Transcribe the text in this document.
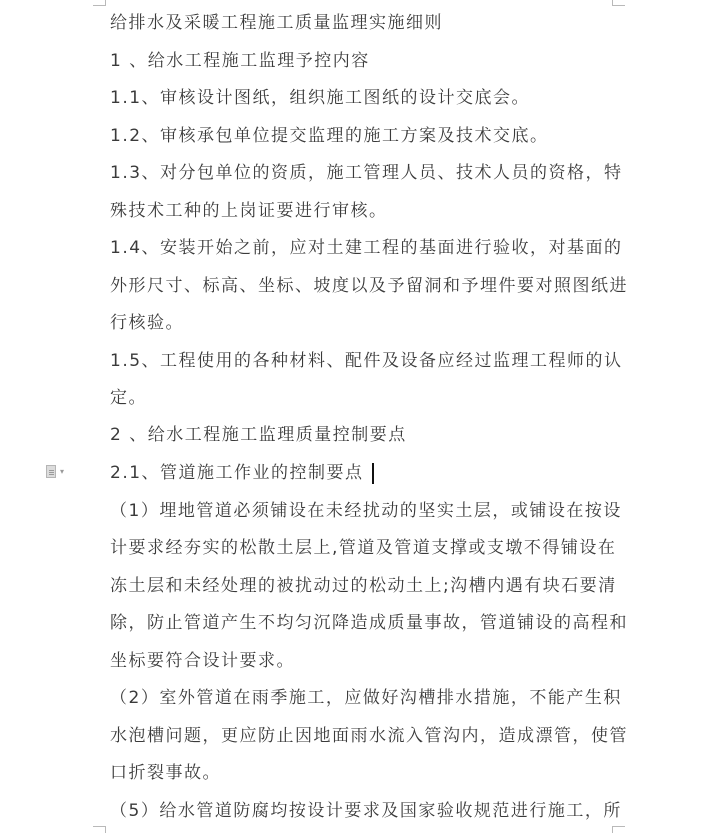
▾
给排水及采暖工程施工质量监理实施细则
1 、给水工程施工监理予控内容
1.1、审核设计图纸，组织施工图纸的设计交底会。
1.2、审核承包单位提交监理的施工方案及技术交底。
1.3、对分包单位的资质，施工管理人员、技术人员的资格，特
殊技术工种的上岗证要进行审核。
1.4、安装开始之前，应对土建工程的基面进行验收，对基面的
外形尺寸、标高、坐标、坡度以及予留洞和予埋件要对照图纸进
行核验。
1.5、工程使用的各种材料、配件及设备应经过监理工程师的认
定。
2 、给水工程施工监理质量控制要点
2.1、管道施工作业的控制要点
（1）埋地管道必须铺设在未经扰动的坚实土层，或铺设在按设
计要求经夯实的松散土层上,管道及管道支撑或支墩不得铺设在
冻土层和未经处理的被扰动过的松动土上;沟槽内遇有块石要清
除，防止管道产生不均匀沉降造成质量事故，管道铺设的高程和
坐标要符合设计要求。
（2）室外管道在雨季施工，应做好沟槽排水措施，不能产生积
水泡槽问题，更应防止因地面雨水流入管沟内，造成漂管，使管
口折裂事故。
（5）给水管道防腐均按设计要求及国家验收规范进行施工，所
